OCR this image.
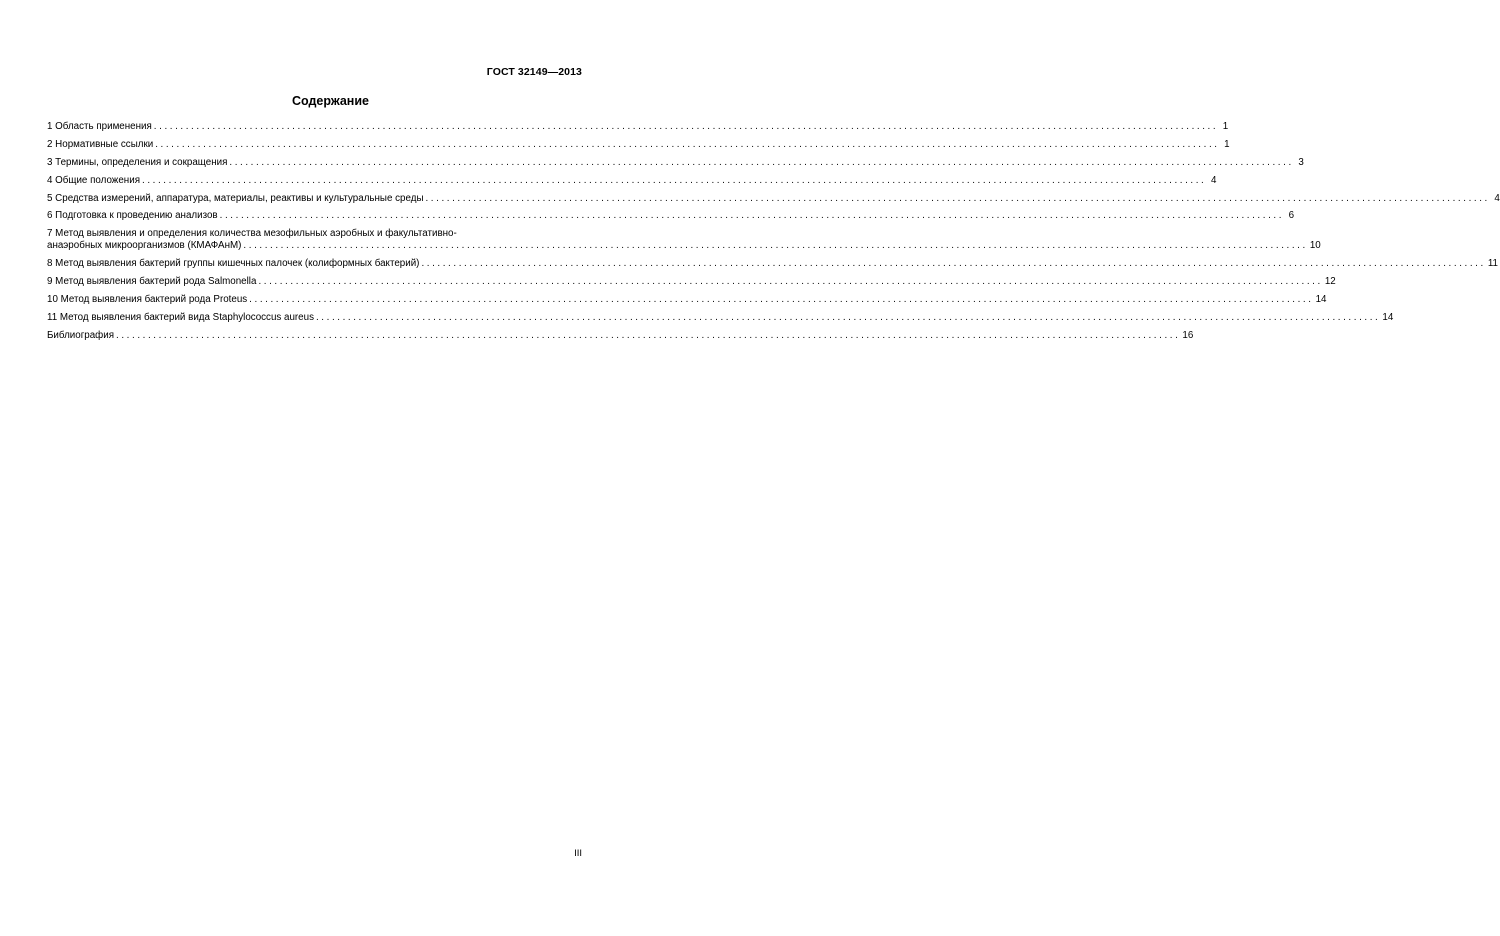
ГОСТ 32149—2013
Содержание
1 Область применения ........................................................................................................................................................................................................ 1
2 Нормативные ссылки ........................................................................................................................................................................................................ 1
3 Термины, определения и сокращения ........................................................................................................................................................................................................ 3
4 Общие положения ........................................................................................................................................................................................................ 4
5 Средства измерений, аппаратура, материалы, реактивы и культуральные среды ........................................................................................................................................................................................................ 4
6 Подготовка к проведению анализов ........................................................................................................................................................................................................ 6
7 Метод выявления и определения количества мезофильных аэробных и факультативно-
анаэробных микроорганизмов (КМАФАнМ) ........................................................................................................................................................................................................ 10
8 Метод выявления бактерий группы кишечных палочек (колиформных бактерий) ........................................................................................................................................................................................................ 11
9 Метод выявления бактерий рода Salmonella ........................................................................................................................................................................................................ 12
10 Метод выявления бактерий рода Proteus ........................................................................................................................................................................................................ 14
11 Метод выявления бактерий вида Staphylococcus aureus ........................................................................................................................................................................................................ 14
Библиография ........................................................................................................................................................................................................ 16
III
